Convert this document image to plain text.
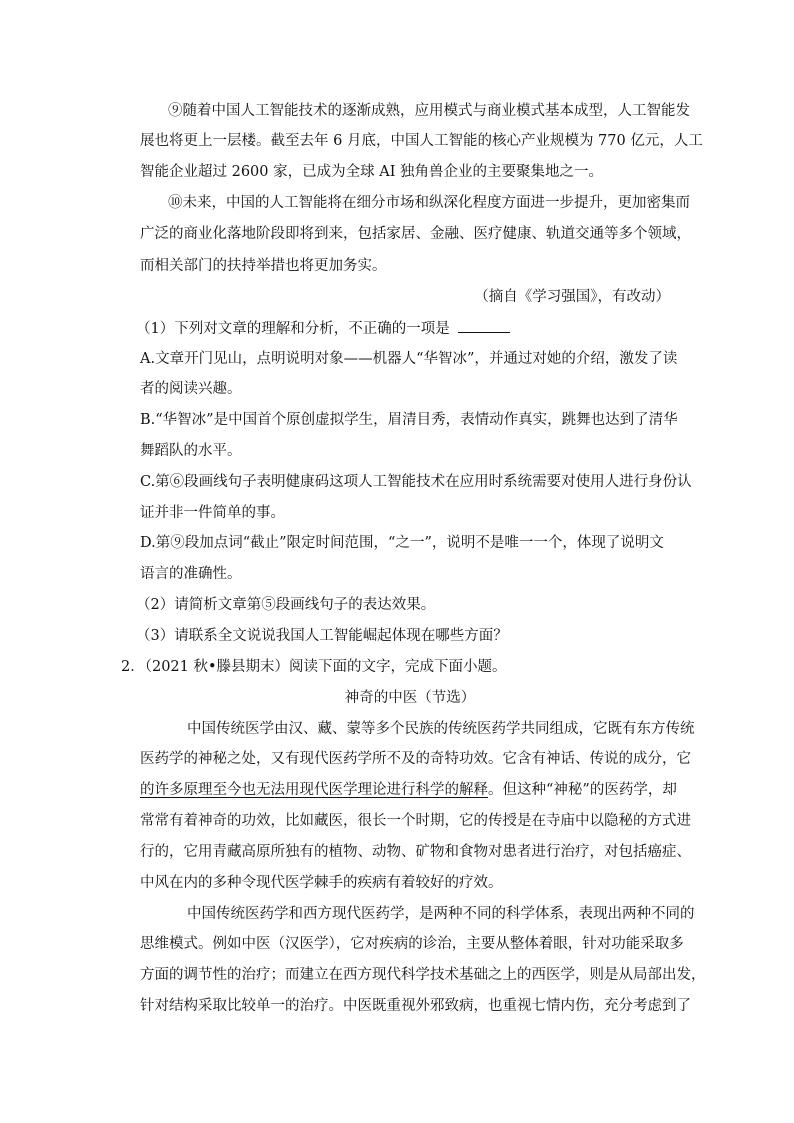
⑨随着中国人工智能技术的逐渐成熟，应用模式与商业模式基本成型，人工智能发
展也将更上一层楼。截至去年 6 月底，中国人工智能的核心产业规模为 770 亿元，人工
智能企业超过 2600 家，已成为全球 AI 独角兽企业的主要聚集地之一。
⑩未来，中国的人工智能将在细分市场和纵深化程度方面进一步提升，更加密集而
广泛的商业化落地阶段即将到来，包括家居、金融、医疗健康、轨道交通等多个领域，
而相关部门的扶持举措也将更加务实。
（摘自《学习强国》，有改动）
（1）下列对文章的理解和分析，不正确的一项是
A.文章开门见山，点明说明对象——机器人“华智冰”，并通过对她的介绍，激发了读
者的阅读兴趣。
B.“华智冰”是中国首个原创虚拟学生，眉清目秀，表情动作真实，跳舞也达到了清华
舞蹈队的水平。
C.第⑥段画线句子表明健康码这项人工智能技术在应用时系统需要对使用人进行身份认
证并非一件简单的事。
D.第⑨段加点词“截止”限定时间范围，“之一”，说明不是唯一一个，体现了说明文
语言的准确性。
（2）请简析文章第⑤段画线句子的表达效果。
（3）请联系全文说说我国人工智能崛起体现在哪些方面？
2．（2021 秋•滕县期末）阅读下面的文字，完成下面小题。
神奇的中医（节选）
中国传统医学由汉、藏、蒙等多个民族的传统医药学共同组成，它既有东方传统
医药学的神秘之处，又有现代医药学所不及的奇特功效。它含有神话、传说的成分，它
的许多原理至今也无法用现代医学理论进行科学的解释。但这种“神秘”的医药学，却
常常有着神奇的功效，比如藏医，很长一个时期，它的传授是在寺庙中以隐秘的方式进
行的，它用青藏高原所独有的植物、动物、矿物和食物对患者进行治疗，对包括癌症、
中风在内的多种令现代医学棘手的疾病有着较好的疗效。
中国传统医药学和西方现代医药学，是两种不同的科学体系，表现出两种不同的
思维模式。例如中医（汉医学），它对疾病的诊治，主要从整体着眼，针对功能采取多
方面的调节性的治疗；而建立在西方现代科学技术基础之上的西医学，则是从局部出发，
针对结构采取比较单一的治疗。中医既重视外邪致病，也重视七情内伤，充分考虑到了
